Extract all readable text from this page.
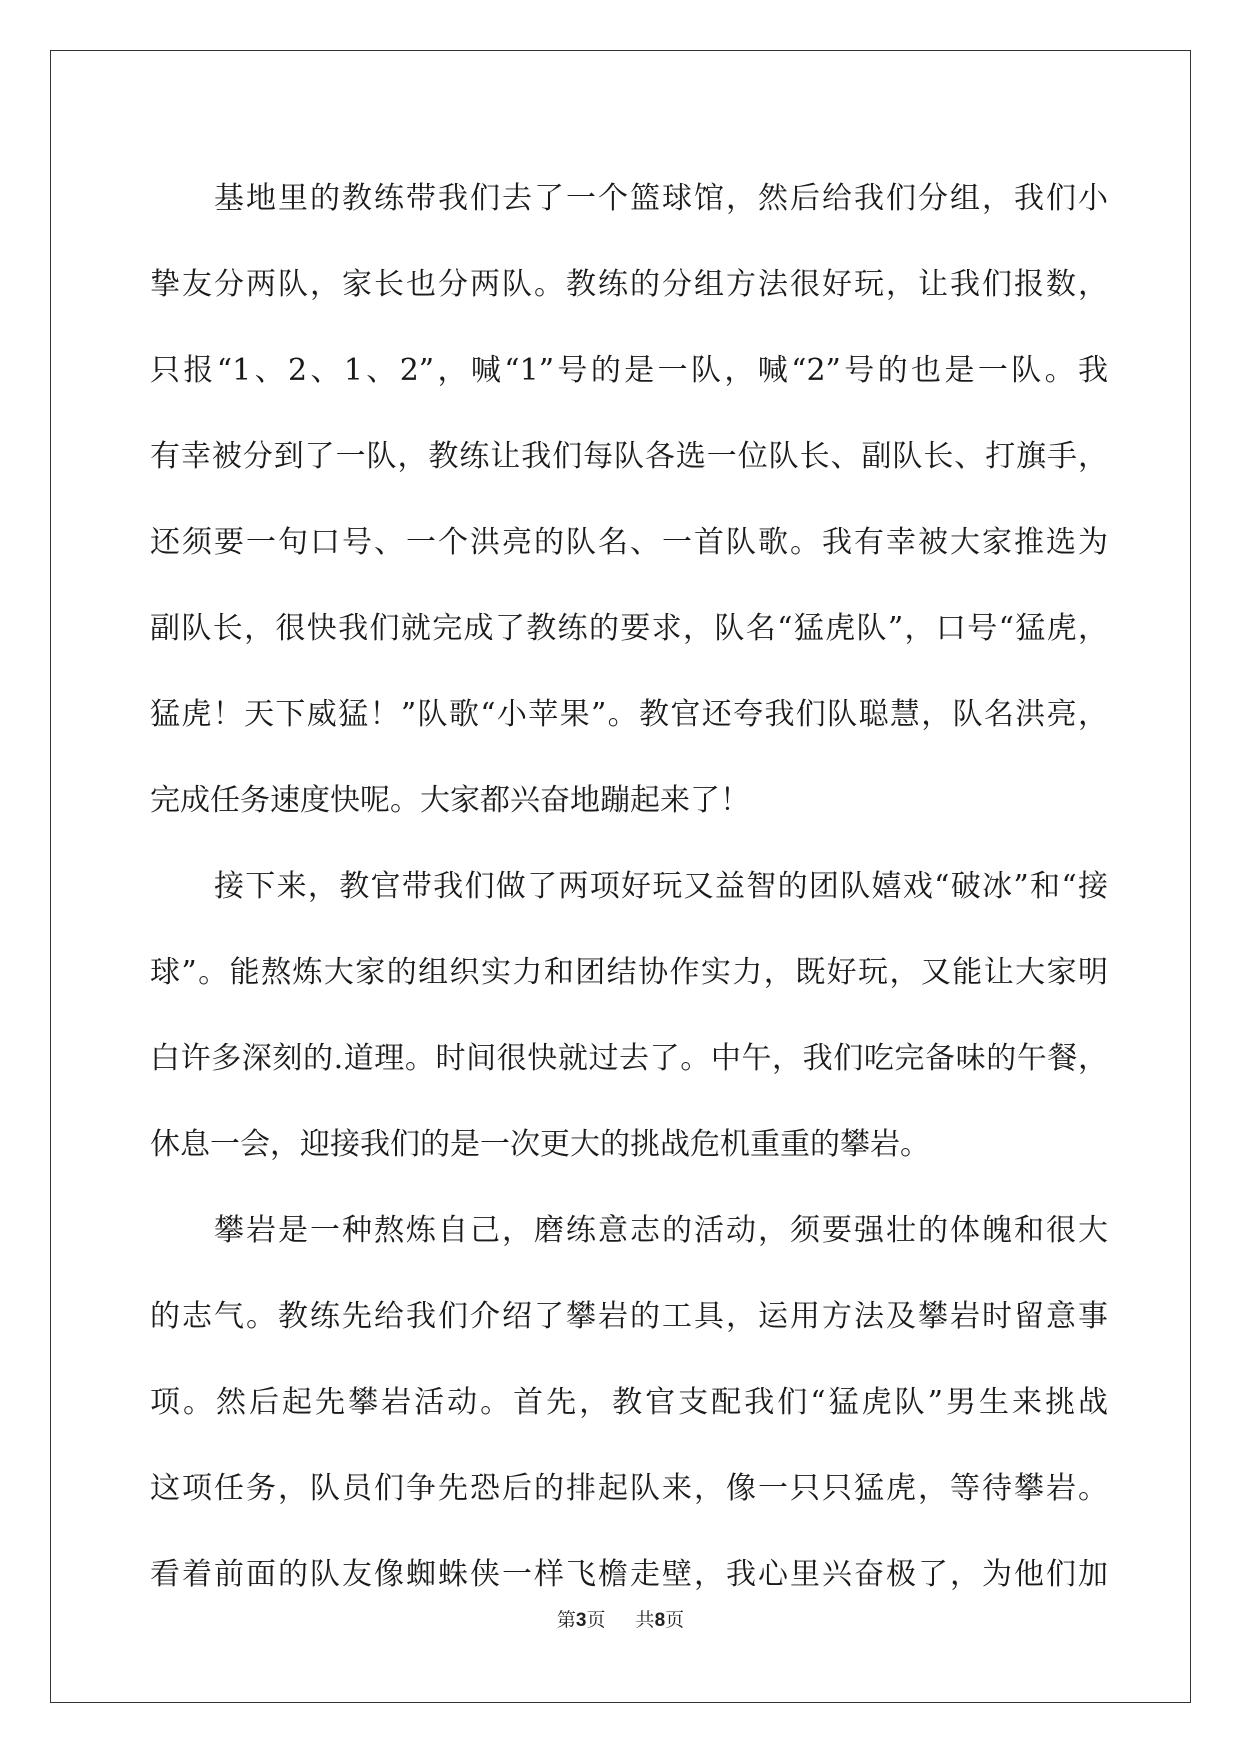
基地里的教练带我们去了一个篮球馆，然后给我们分组，我们小

挚友分两队，家长也分两队。教练的分组方法很好玩，让我们报数，

只报“1、2、1、2”，喊“1”号的是一队，喊“2”号的也是一队。我

有幸被分到了一队，教练让我们每队各选一位队长、副队长、打旗手，

还须要一句口号、一个洪亮的队名、一首队歌。我有幸被大家推选为

副队长，很快我们就完成了教练的要求，队名“猛虎队”，口号“猛虎，

猛虎！天下威猛！”队歌“小苹果”。教官还夸我们队聪慧，队名洪亮，

完成任务速度快呢。大家都兴奋地蹦起来了！

接下来，教官带我们做了两项好玩又益智的团队嬉戏“破冰”和“接

球”。能熬炼大家的组织实力和团结协作实力，既好玩，又能让大家明

白许多深刻的.道理。时间很快就过去了。中午，我们吃完备味的午餐，

休息一会，迎接我们的是一次更大的挑战危机重重的攀岩。

攀岩是一种熬炼自己，磨练意志的活动，须要强壮的体魄和很大

的志气。教练先给我们介绍了攀岩的工具，运用方法及攀岩时留意事

项。然后起先攀岩活动。首先，教官支配我们“猛虎队”男生来挑战

这项任务，队员们争先恐后的排起队来，像一只只猛虎，等待攀岩。

看着前面的队友像蜘蛛侠一样飞檐走壁，我心里兴奋极了，为他们加

第3页 共8页
